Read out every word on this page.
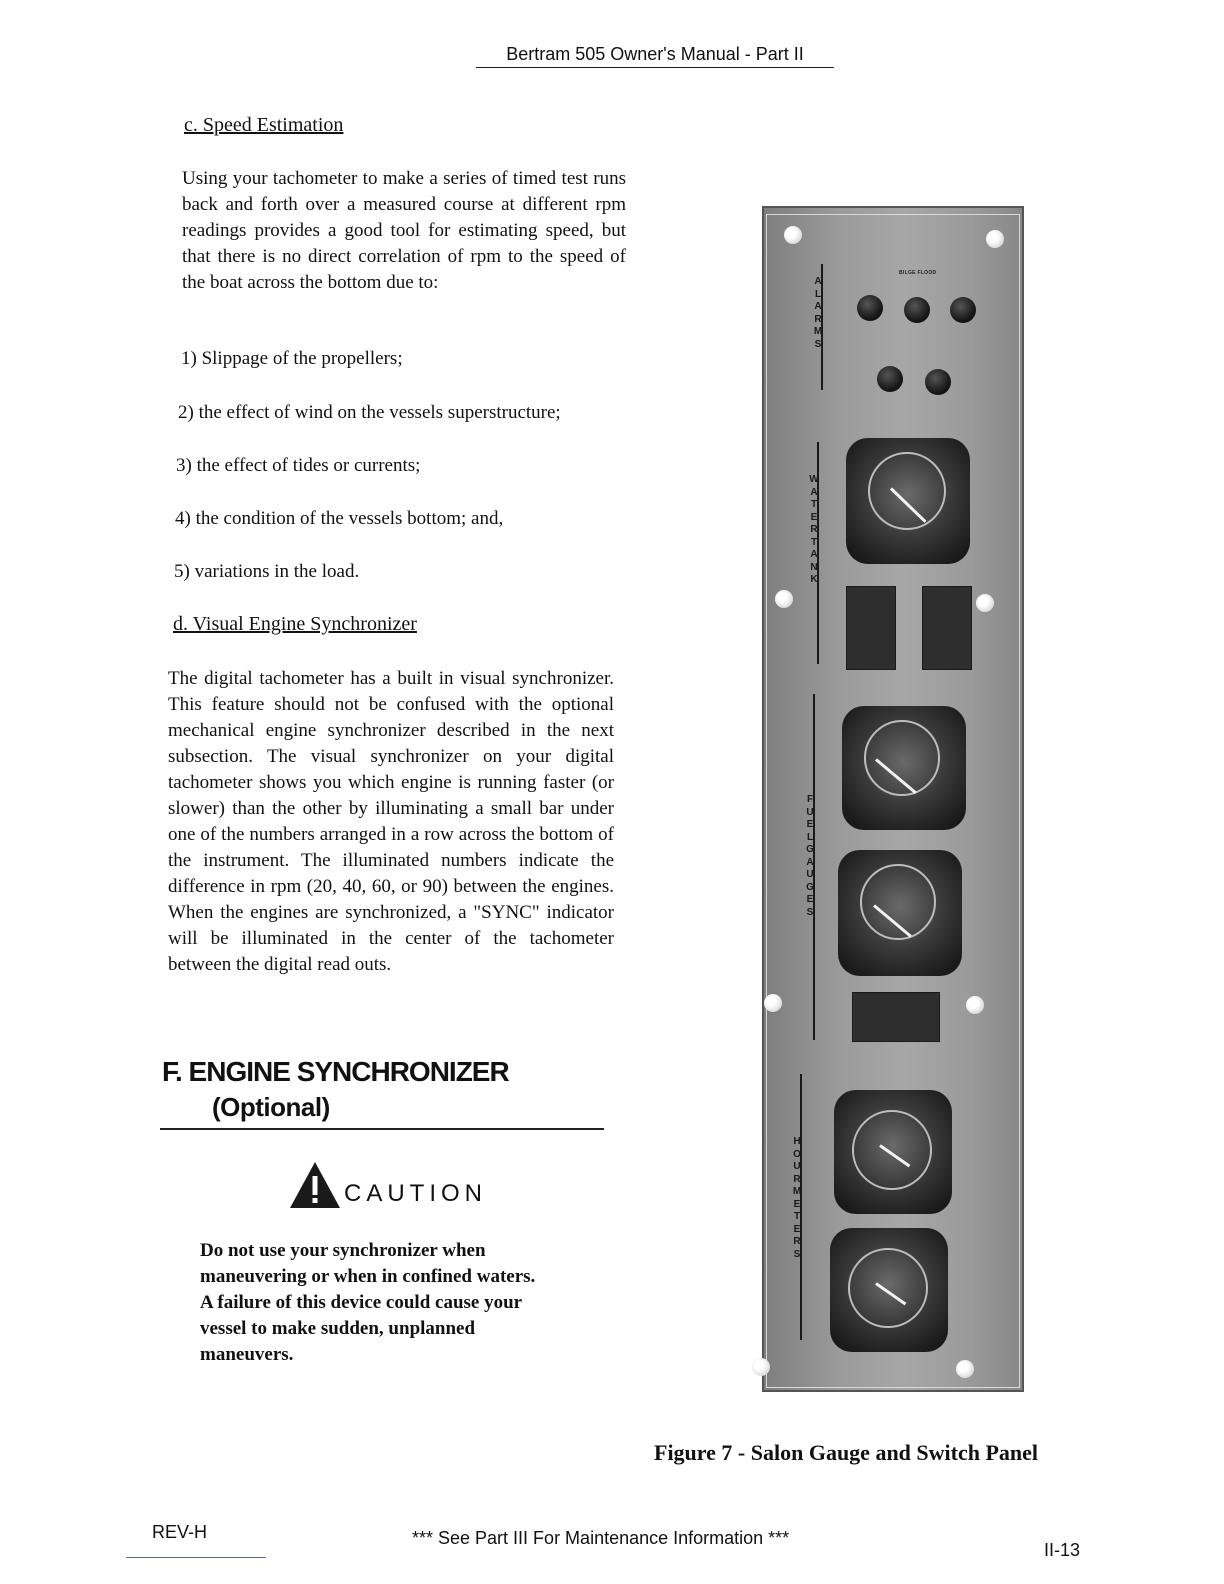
Bertram 505 Owner's Manual - Part II
c. Speed Estimation
Using your tachometer to make a series of timed test runs back and forth over a measured course at different rpm readings provides a good tool for estimating speed, but that there is no direct correlation of rpm to the speed of the boat across the bottom due to:
1) Slippage of the propellers;
2) the effect of wind on the vessels superstructure;
3) the effect of tides or currents;
4) the condition of the vessels bottom; and,
5) variations in the load.
d. Visual Engine Synchronizer
The digital tachometer has a built in visual synchronizer. This feature should not be confused with the optional mechanical engine synchronizer described in the next subsection. The visual synchronizer on your digital tachometer shows you which engine is running faster (or slower) than the other by illuminating a small bar under one of the numbers arranged in a row across the bottom of the instrument. The illuminated numbers indicate the difference in rpm (20, 40, 60, or 90) between the engines. When the engines are synchronized, a "SYNC" indicator will be illuminated in the center of the tachometer between the digital read outs.
F. ENGINE SYNCHRONIZER
(Optional)
CAUTION
Do not use your synchronizer when maneuvering or when in confined waters. A failure of this device could cause your vessel to make sudden, unplanned maneuvers.
ALARMS
BILGE FLOOD
WATER TANK
FUEL GAUGES
HOUR METERS
Figure 7 - Salon Gauge and Switch Panel
REV-H	*** See Part III For Maintenance Information ***
II-13
